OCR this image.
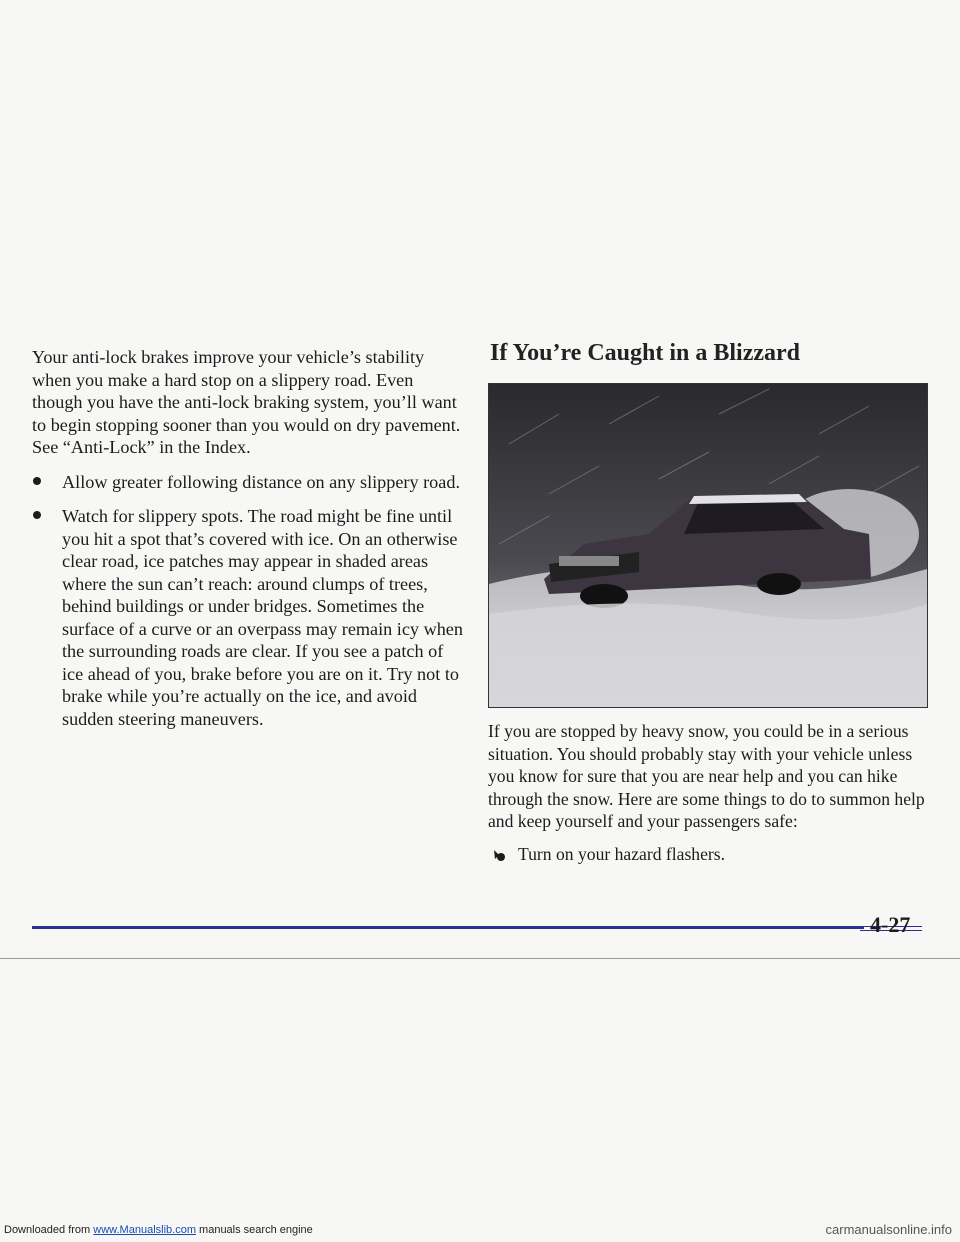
Your anti-lock brakes improve your vehicle’s stability when you make a hard stop on a slippery road. Even though you have the anti-lock braking system, you’ll want to begin stopping sooner than you would on dry pavement. See “Anti-Lock” in the Index.

Allow greater following distance on any slippery road.
Watch for slippery spots. The road might be fine until you hit a spot that’s covered with ice. On an otherwise clear road, ice patches may appear in shaded areas where the sun can’t reach: around clumps of trees, behind buildings or under bridges. Sometimes the surface of a curve or an overpass may remain icy when the surrounding roads are clear. If you see a patch of ice ahead of you, brake before you are on it. Try not to brake while you’re actually on the ice, and avoid sudden steering maneuvers.
If You’re Caught in a Blizzard

If you are stopped by heavy snow, you could be in a serious situation. You should probably stay with your vehicle unless you know for sure that you are near help and you can hike through the snow. Here are some things to do to summon help and keep yourself and your passengers safe:

Turn on your hazard flashers.
4-27
Downloaded from www.Manualslib.com manuals search engine	carmanualsonline.info
